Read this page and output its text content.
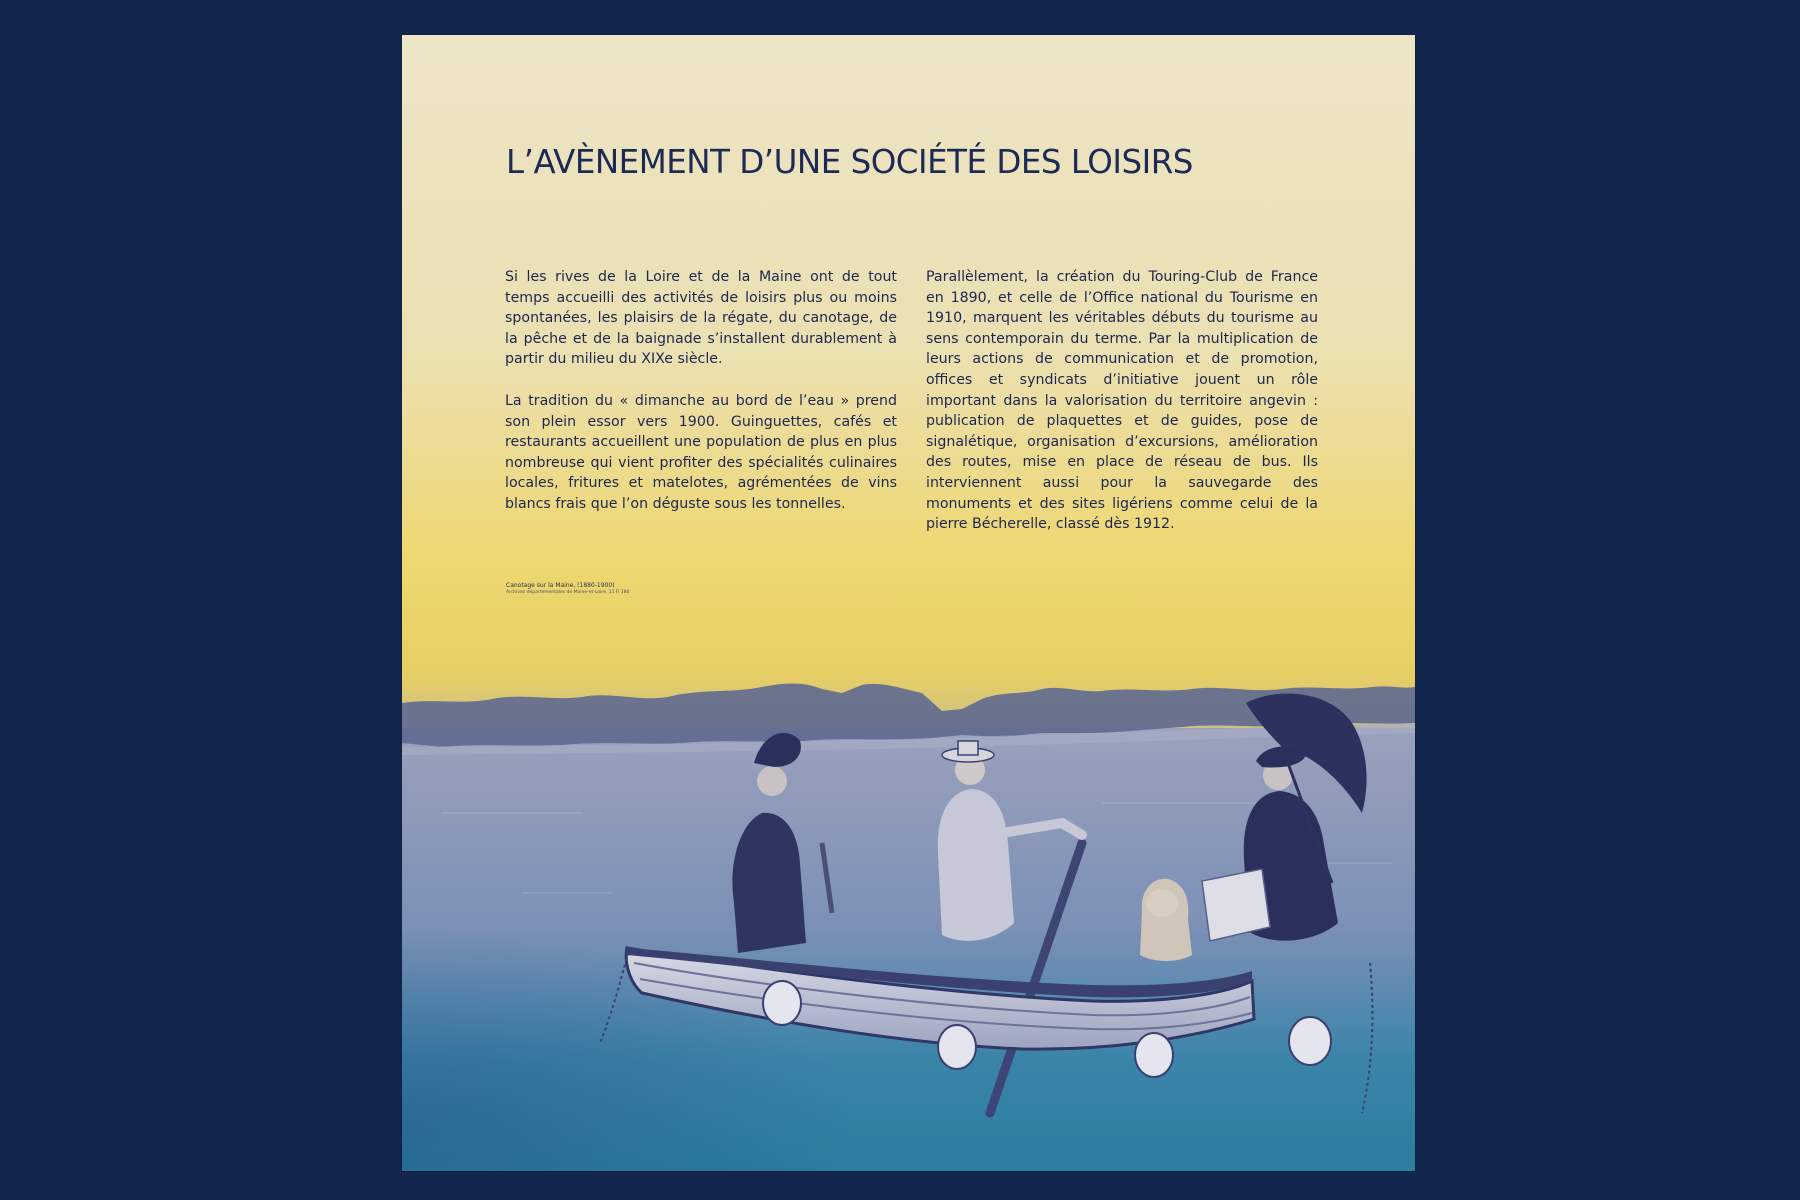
L’AVÈNEMENT D’UNE SOCIÉTÉ DES LOISIRS

Si les rives de la Loire et de la Maine ont de tout temps accueilli des activités de loisirs plus ou moins spontanées, les plaisirs de la régate, du canotage, de la pêche et de la baignade s’installent durablement à partir du milieu du XIXe siècle.

La tradition du « dimanche au bord de l’eau » prend son plein essor vers 1900. Guinguettes, cafés et restaurants accueillent une population de plus en plus nombreuse qui vient profiter des spécialités culinaires locales, fritures et matelotes, agrémentées de vins blancs frais que l’on déguste sous les tonnelles.

Parallèlement, la création du Touring-Club de France en 1890, et celle de l’Office national du Tourisme en 1910, marquent les véritables débuts du tourisme au sens contemporain du terme. Par la multiplication de leurs actions de communication et de promotion, offices et syndicats d’initiative jouent un rôle important dans la valorisation du territoire angevin : publication de plaquettes et de guides, pose de signalétique, organisation d’excursions, amélioration des routes, mise en place de réseau de bus. Ils interviennent aussi pour la sauvegarde des monuments et des sites ligériens comme celui de la pierre Bécherelle, classé dès 1912.

Canotage sur la Maine, (1880-1900)
Archives départementales de Maine-et-Loire, 11 Fi 180
